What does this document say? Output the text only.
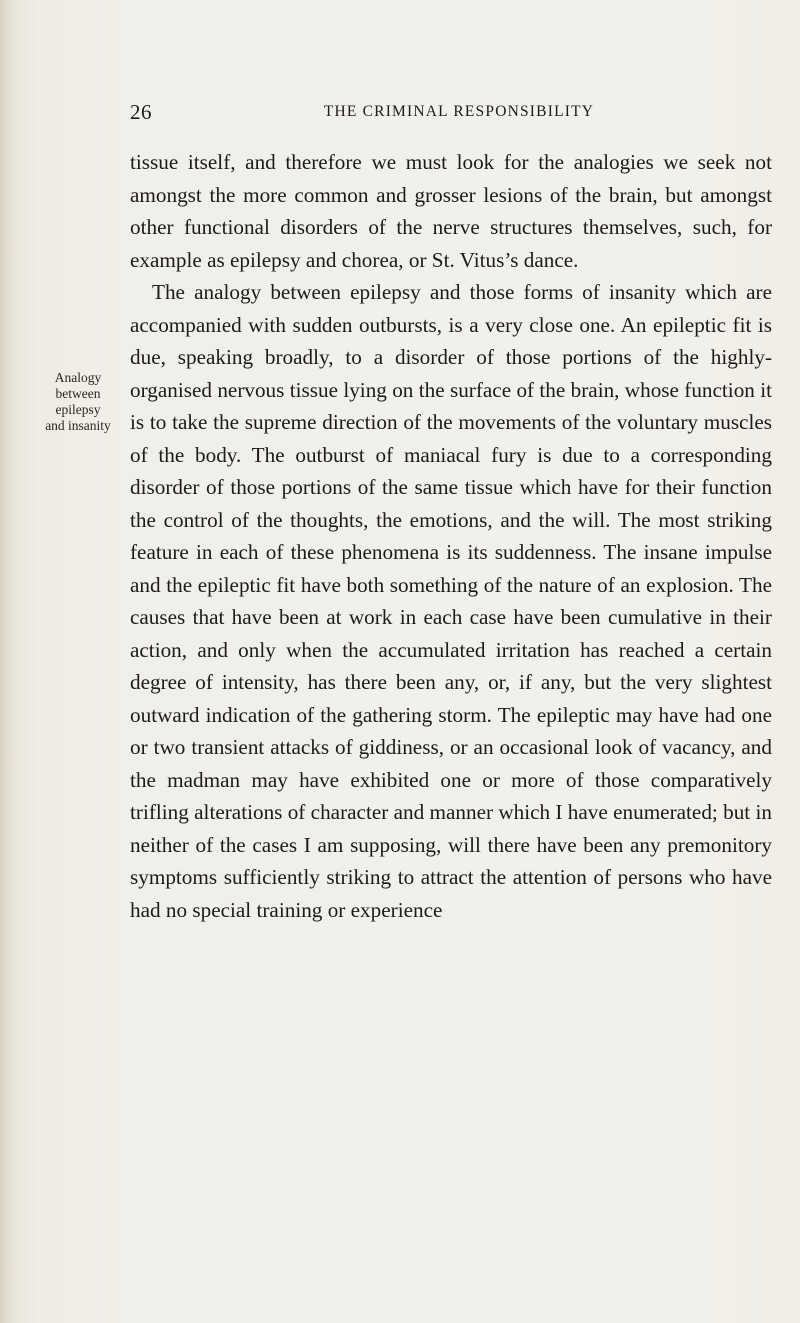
26	THE CRIMINAL RESPONSIBILITY
Analogy
between
epilepsy
and insanity

tissue itself, and therefore we must look for the analogies we seek not amongst the more common and grosser lesions of the brain, but amongst other functional disorders of the nerve structures themselves, such, for example as epilepsy and chorea, or St. Vitus’s dance.

The analogy between epilepsy and those forms of insanity which are accompanied with sudden outbursts, is a very close one. An epileptic fit is due, speaking broadly, to a disorder of those portions of the highly-organised nervous tissue lying on the surface of the brain, whose function it is to take the supreme direction of the movements of the voluntary muscles of the body. The outburst of maniacal fury is due to a corresponding disorder of those portions of the same tissue which have for their function the control of the thoughts, the emotions, and the will. The most striking feature in each of these phenomena is its suddenness. The insane impulse and the epileptic fit have both something of the nature of an explosion. The causes that have been at work in each case have been cumulative in their action, and only when the accumulated irritation has reached a certain degree of intensity, has there been any, or, if any, but the very slightest outward indication of the gathering storm. The epileptic may have had one or two transient attacks of giddiness, or an occasional look of vacancy, and the madman may have exhibited one or more of those comparatively trifling alterations of character and manner which I have enumerated; but in neither of the cases I am supposing, will there have been any premonitory symptoms sufficiently striking to attract the attention of persons who have had no special training or experience
